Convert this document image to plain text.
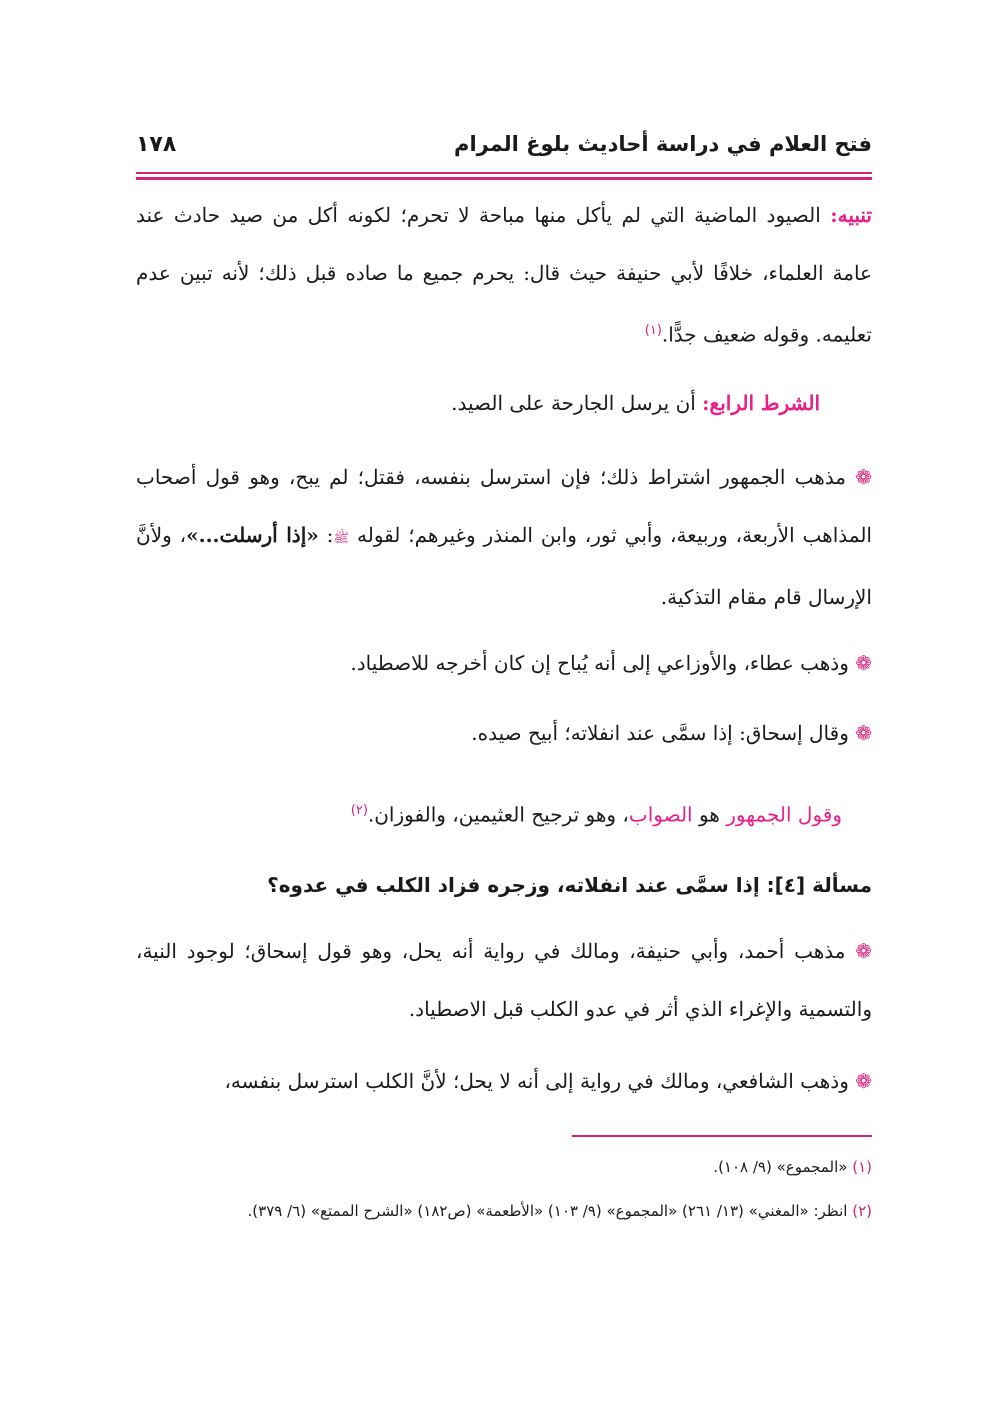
فتح العلام في دراسة أحاديث بلوغ المرام
١٧٨
تنبيه: الصيود الماضية التي لم يأكل منها مباحة لا تحرم؛ لكونه أكل من صيد حادث عند عامة العلماء، خلافًا لأبي حنيفة حيث قال: يحرم جميع ما صاده قبل ذلك؛ لأنه تبين عدم تعليمه. وقوله ضعيف جدًّا.$^{(١)}$
الشرط الرابع: أن يرسل الجارحة على الصيد.
❁ مذهب الجمهور اشتراط ذلك؛ فإن استرسل بنفسه، فقتل؛ لم يبح، وهو قول أصحاب المذاهب الأربعة، وربيعة، وأبي ثور، وابن المنذر وغيرهم؛ لقوله ﷺ: «إذا أرسلت...»، ولأنَّ الإرسال قام مقام التذكية.
❁ وذهب عطاء، والأوزاعي إلى أنه يُباح إن كان أخرجه للاصطياد.
❁ وقال إسحاق: إذا سمَّى عند انفلاته؛ أبيح صيده.
وقول الجمهور هو الصواب، وهو ترجيح العثيمين، والفوزان.$^{(٢)}$
مسألة [٤]: إذا سمَّى عند انفلاته، وزجره فزاد الكلب في عدوه؟
❁ مذهب أحمد، وأبي حنيفة، ومالك في رواية أنه يحل، وهو قول إسحاق؛ لوجود النية، والتسمية والإغراء الذي أثر في عدو الكلب قبل الاصطياد.
❁ وذهب الشافعي، ومالك في رواية إلى أنه لا يحل؛ لأنَّ الكلب استرسل بنفسه،
(١) «المجموع» (٩/ ١٠٨).
(٢) انظر: «المغني» (١٣/ ٢٦١) «المجموع» (٩/ ١٠٣) «الأطعمة» (ص١٨٢) «الشرح الممتع» (٦/ ٣٧٩).
